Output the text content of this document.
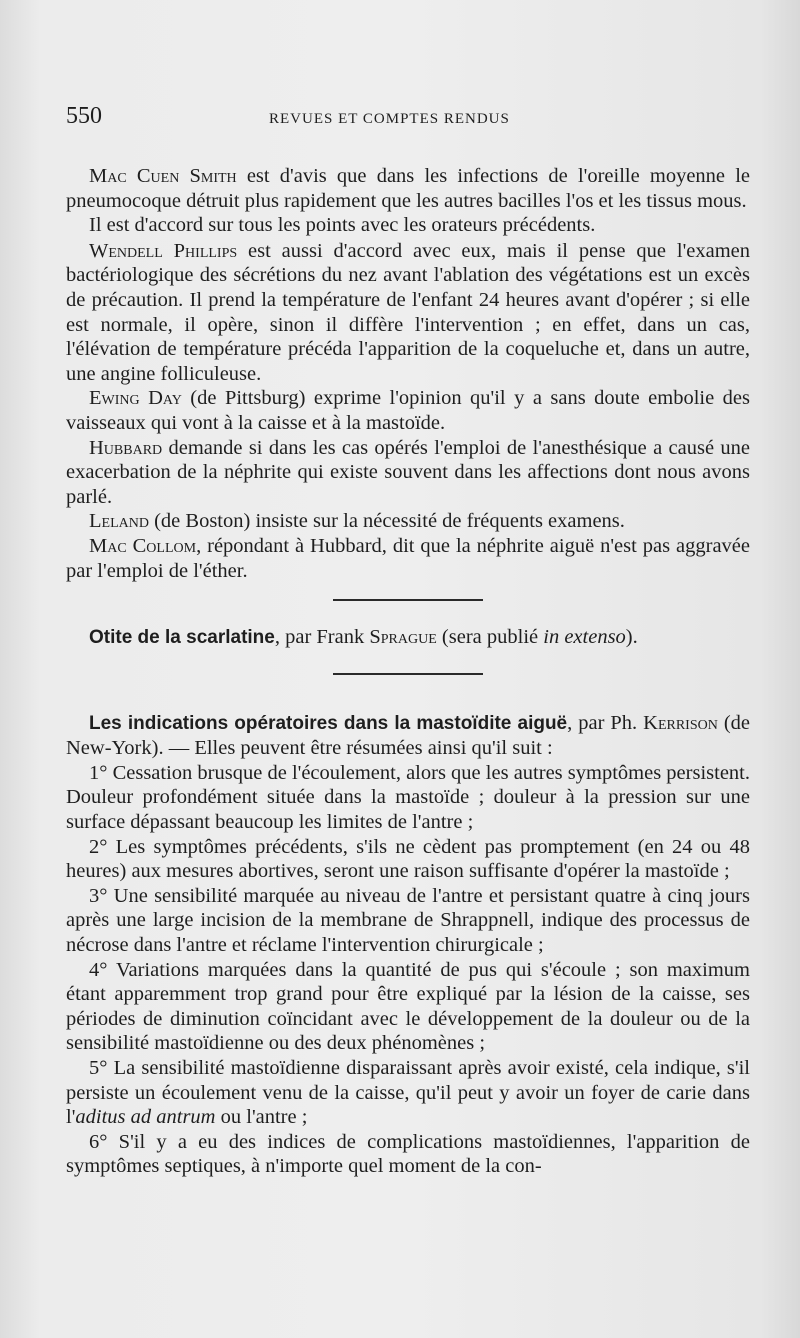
550	REVUES ET COMPTES RENDUS

Mac Cuen Smith est d'avis que dans les infections de l'oreille moyenne le pneumocoque détruit plus rapidement que les autres bacilles l'os et les tissus mous.

Il est d'accord sur tous les points avec les orateurs précédents.

Wendell Phillips est aussi d'accord avec eux, mais il pense que l'examen bactériologique des sécrétions du nez avant l'ablation des végétations est un excès de précaution. Il prend la température de l'enfant 24 heures avant d'opérer ; si elle est normale, il opère, sinon il diffère l'intervention ; en effet, dans un cas, l'élévation de température précéda l'apparition de la coqueluche et, dans un autre, une angine folliculeuse.

Ewing Day (de Pittsburg) exprime l'opinion qu'il y a sans doute embolie des vaisseaux qui vont à la caisse et à la mastoïde.

Hubbard demande si dans les cas opérés l'emploi de l'anesthésique a causé une exacerbation de la néphrite qui existe souvent dans les affections dont nous avons parlé.

Leland (de Boston) insiste sur la nécessité de fréquents examens.

Mac Collom, répondant à Hubbard, dit que la néphrite aiguë n'est pas aggravée par l'emploi de l'éther.

Otite de la scarlatine, par Frank Sprague (sera publié in extenso).

Les indications opératoires dans la mastoïdite aiguë, par Ph. Kerrison (de New-York). — Elles peuvent être résumées ainsi qu'il suit :

1° Cessation brusque de l'écoulement, alors que les autres symptômes persistent. Douleur profondément située dans la mastoïde ; douleur à la pression sur une surface dépassant beaucoup les limites de l'antre ;

2° Les symptômes précédents, s'ils ne cèdent pas promptement (en 24 ou 48 heures) aux mesures abortives, seront une raison suffisante d'opérer la mastoïde ;

3° Une sensibilité marquée au niveau de l'antre et persistant quatre à cinq jours après une large incision de la membrane de Shrappnell, indique des processus de nécrose dans l'antre et réclame l'intervention chirurgicale ;

4° Variations marquées dans la quantité de pus qui s'écoule ; son maximum étant apparemment trop grand pour être expliqué par la lésion de la caisse, ses périodes de diminution coïncidant avec le développement de la douleur ou de la sensibilité mastoïdienne ou des deux phénomènes ;

5° La sensibilité mastoïdienne disparaissant après avoir existé, cela indique, s'il persiste un écoulement venu de la caisse, qu'il peut y avoir un foyer de carie dans l'aditus ad antrum ou l'antre ;

6° S'il y a eu des indices de complications mastoïdiennes, l'apparition de symptômes septiques, à n'importe quel moment de la con-
